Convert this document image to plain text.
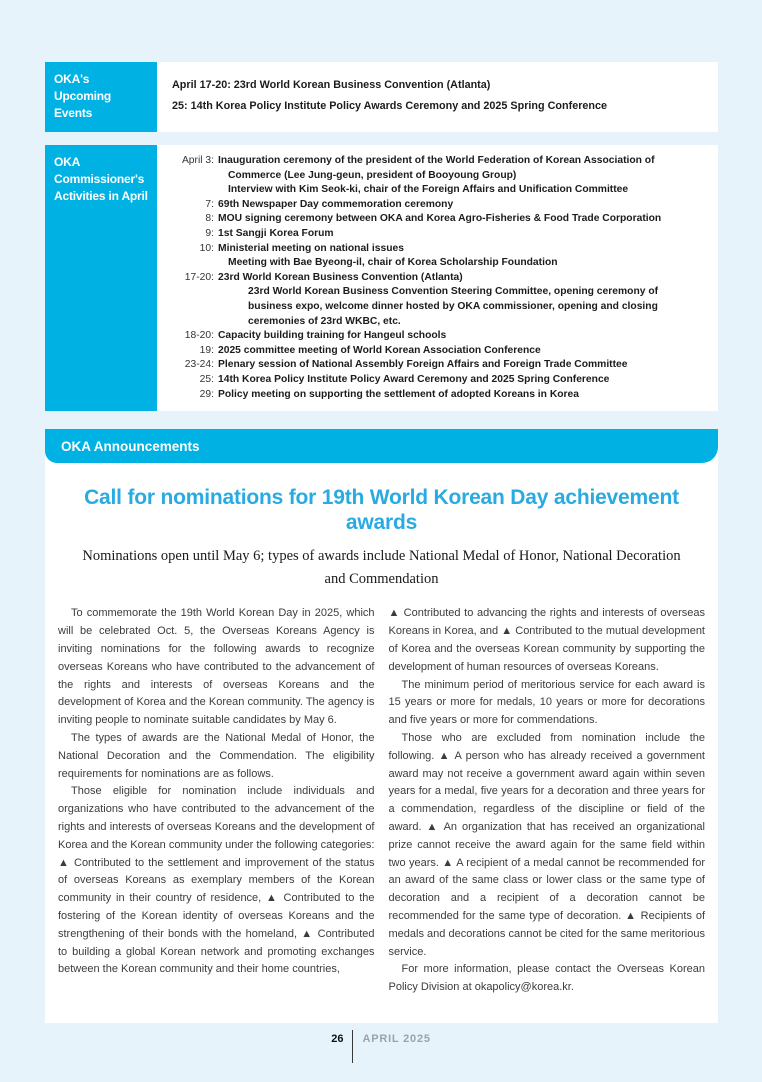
OKA's Upcoming Events
April 17-20: 23rd World Korean Business Convention (Atlanta)
25: 14th Korea Policy Institute Policy Awards Ceremony and 2025 Spring Conference
OKA Commissioner's Activities in April
April 3: Inauguration ceremony of the president of the World Federation of Korean Association of Commerce (Lee Jung-geun, president of Booyoung Group)
Interview with Kim Seok-ki, chair of the Foreign Affairs and Unification Committee
7: 69th Newspaper Day commemoration ceremony
8: MOU signing ceremony between OKA and Korea Agro-Fisheries & Food Trade Corporation
9: 1st Sangji Korea Forum
10: Ministerial meeting on national issues
Meeting with Bae Byeong-il, chair of Korea Scholarship Foundation
17-20: 23rd World Korean Business Convention (Atlanta)
23rd World Korean Business Convention Steering Committee, opening ceremony of business expo, welcome dinner hosted by OKA commissioner, opening and closing ceremonies of 23rd WKBC, etc.
18-20: Capacity building training for Hangeul schools
19: 2025 committee meeting of World Korean Association Conference
23-24: Plenary session of National Assembly Foreign Affairs and Foreign Trade Committee
25: 14th Korea Policy Institute Policy Award Ceremony and 2025 Spring Conference
29: Policy meeting on supporting the settlement of adopted Koreans in Korea
OKA Announcements
Call for nominations for 19th World Korean Day achievement awards
Nominations open until May 6; types of awards include National Medal of Honor, National Decoration and Commendation

To commemorate the 19th World Korean Day in 2025, which will be celebrated Oct. 5, the Overseas Koreans Agency is inviting nominations for the following awards to recognize overseas Koreans who have contributed to the advancement of the rights and interests of overseas Koreans and the development of Korea and the Korean community. The agency is inviting people to nominate suitable candidates by May 6.

The types of awards are the National Medal of Honor, the National Decoration and the Commendation. The eligibility requirements for nominations are as follows.

Those eligible for nomination include individuals and organizations who have contributed to the advancement of the rights and interests of overseas Koreans and the development of Korea and the Korean community under the following categories: ▲ Contributed to the settlement and improvement of the status of overseas Koreans as exemplary members of the Korean community in their country of residence, ▲ Contributed to the fostering of the Korean identity of overseas Koreans and the strengthening of their bonds with the homeland, ▲ Contributed to building a global Korean network and promoting exchanges between the Korean community and their home countries,

▲ Contributed to advancing the rights and interests of overseas Koreans in Korea, and ▲ Contributed to the mutual development of Korea and the overseas Korean community by supporting the development of human resources of overseas Koreans.

The minimum period of meritorious service for each award is 15 years or more for medals, 10 years or more for decorations and five years or more for commendations.

Those who are excluded from nomination include the following. ▲ A person who has already received a government award may not receive a government award again within seven years for a medal, five years for a decoration and three years for a commendation, regardless of the discipline or field of the award. ▲ An organization that has received an organizational prize cannot receive the award again for the same field within two years. ▲ A recipient of a medal cannot be recommended for an award of the same class or lower class or the same type of decoration and a recipient of a decoration cannot be recommended for the same type of decoration. ▲ Recipients of medals and decorations cannot be cited for the same meritorious service.

For more information, please contact the Overseas Korean Policy Division at okapolicy@korea.kr.

26 APRIL 2025
